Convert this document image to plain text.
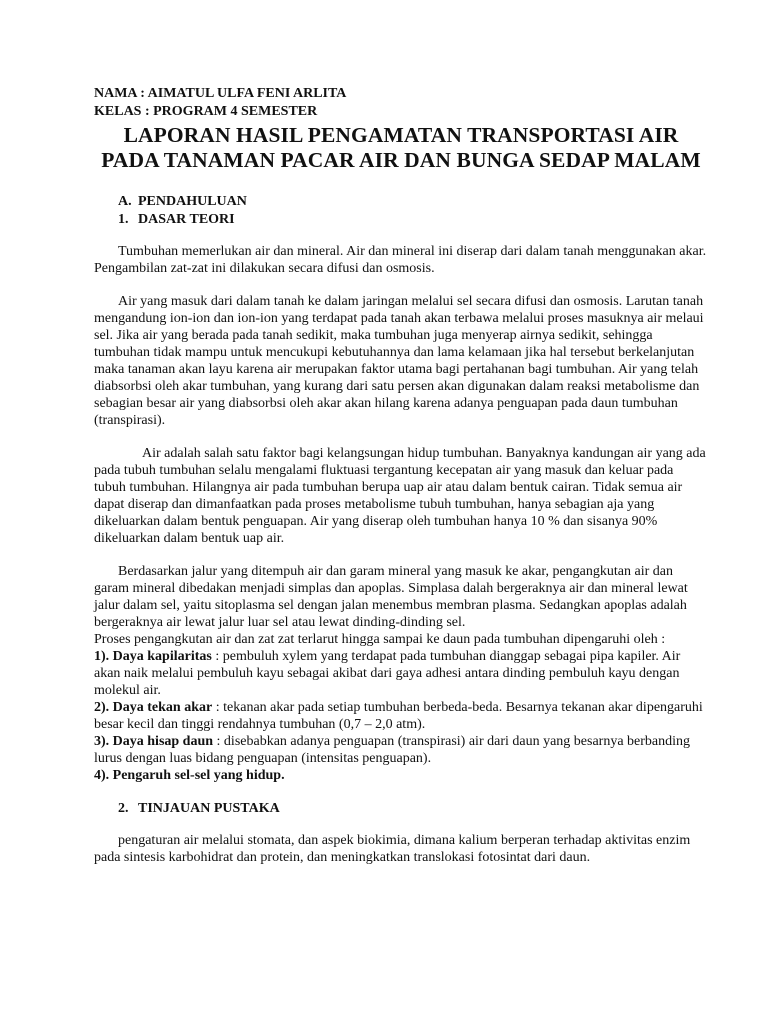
NAMA : AIMATUL ULFA FENI ARLITA

KELAS : PROGRAM 4 SEMESTER

LAPORAN HASIL PENGAMATAN TRANSPORTASI AIR
PADA TANAMAN PACAR AIR DAN BUNGA SEDAP MALAM
A. PENDAHULUAN
1. DASAR TEORI

Tumbuhan memerlukan air dan mineral. Air dan mineral ini diserap dari dalam tanah menggunakan akar. Pengambilan zat-zat ini dilakukan secara difusi dan osmosis.

Air yang masuk dari dalam tanah ke dalam jaringan melalui sel secara difusi dan osmosis. Larutan tanah mengandung ion-ion dan ion-ion yang terdapat pada tanah akan terbawa melalui proses masuknya air melaui sel. Jika air yang berada pada tanah sedikit, maka tumbuhan juga menyerap airnya sedikit, sehingga tumbuhan tidak mampu untuk mencukupi kebutuhannya dan lama kelamaan jika hal tersebut berkelanjutan maka tanaman akan layu karena air merupakan faktor utama bagi pertahanan bagi tumbuhan. Air yang telah diabsorbsi oleh akar tumbuhan, yang kurang dari satu persen akan digunakan dalam reaksi metabolisme dan sebagian besar air yang diabsorbsi oleh akar akan hilang karena adanya penguapan pada daun tumbuhan (transpirasi).

Air adalah salah satu faktor bagi kelangsungan hidup tumbuhan. Banyaknya kandungan air yang ada pada tubuh tumbuhan selalu mengalami fluktuasi tergantung kecepatan air yang masuk dan keluar pada tubuh tumbuhan. Hilangnya air pada tumbuhan berupa uap air atau dalam bentuk cairan. Tidak semua air dapat diserap dan dimanfaatkan pada proses metabolisme tubuh tumbuhan, hanya sebagian aja yang dikeluarkan dalam bentuk penguapan. Air yang diserap oleh tumbuhan hanya 10 % dan sisanya 90% dikeluarkan dalam bentuk uap air.

Berdasarkan jalur yang ditempuh air dan garam mineral yang masuk ke akar, pengangkutan air dan garam mineral dibedakan menjadi simplas dan apoplas. Simplasa dalah bergeraknya air dan mineral lewat jalur dalam sel, yaitu sitoplasma sel dengan jalan menembus membran plasma. Sedangkan apoplas adalah bergeraknya air lewat jalur luar sel atau lewat dinding-dinding sel.

Proses pengangkutan air dan zat zat terlarut hingga sampai ke daun pada tumbuhan dipengaruhi oleh :

1). Daya kapilaritas : pembuluh xylem yang terdapat pada tumbuhan dianggap sebagai pipa kapiler. Air akan naik melalui pembuluh kayu sebagai akibat dari gaya adhesi antara dinding pembuluh kayu dengan molekul air.

2). Daya tekan akar : tekanan akar pada setiap tumbuhan berbeda-beda. Besarnya tekanan akar dipengaruhi besar kecil dan tinggi rendahnya tumbuhan (0,7 – 2,0 atm).

3). Daya hisap daun : disebabkan adanya penguapan (transpirasi) air dari daun yang besarnya berbanding lurus dengan luas bidang penguapan (intensitas penguapan).

4). Pengaruh sel-sel yang hidup.

2. TINJAUAN PUSTAKA

pengaturan air melalui stomata, dan aspek biokimia, dimana kalium berperan terhadap aktivitas enzim pada sintesis karbohidrat dan protein, dan meningkatkan translokasi fotosintat dari daun.
